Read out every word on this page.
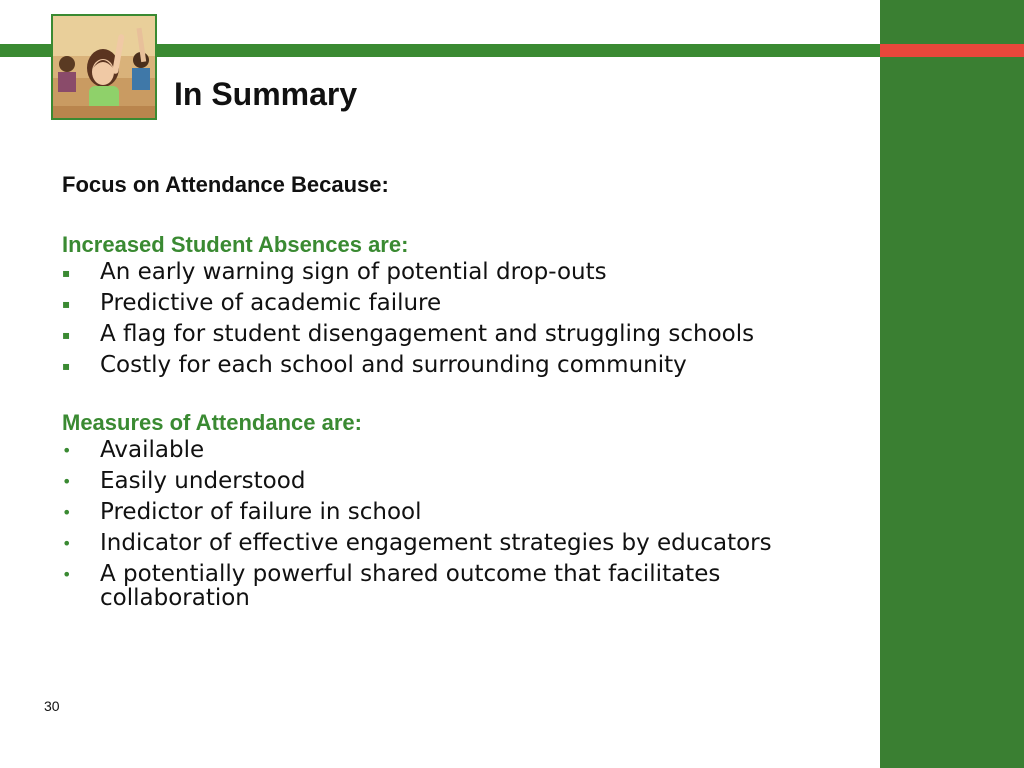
In Summary

Focus on Attendance Because:

Increased Student Absences are:

▪ An early warning sign of potential drop-outs
▪ Predictive of academic failure
▪ A flag for student disengagement and struggling schools
▪ Costly for each school and surrounding community

Measures of Attendance are:

• Available
• Easily understood
• Predictor of failure in school
• Indicator of effective engagement strategies by educators
• A potentially powerful shared outcome that facilitates collaboration
30
